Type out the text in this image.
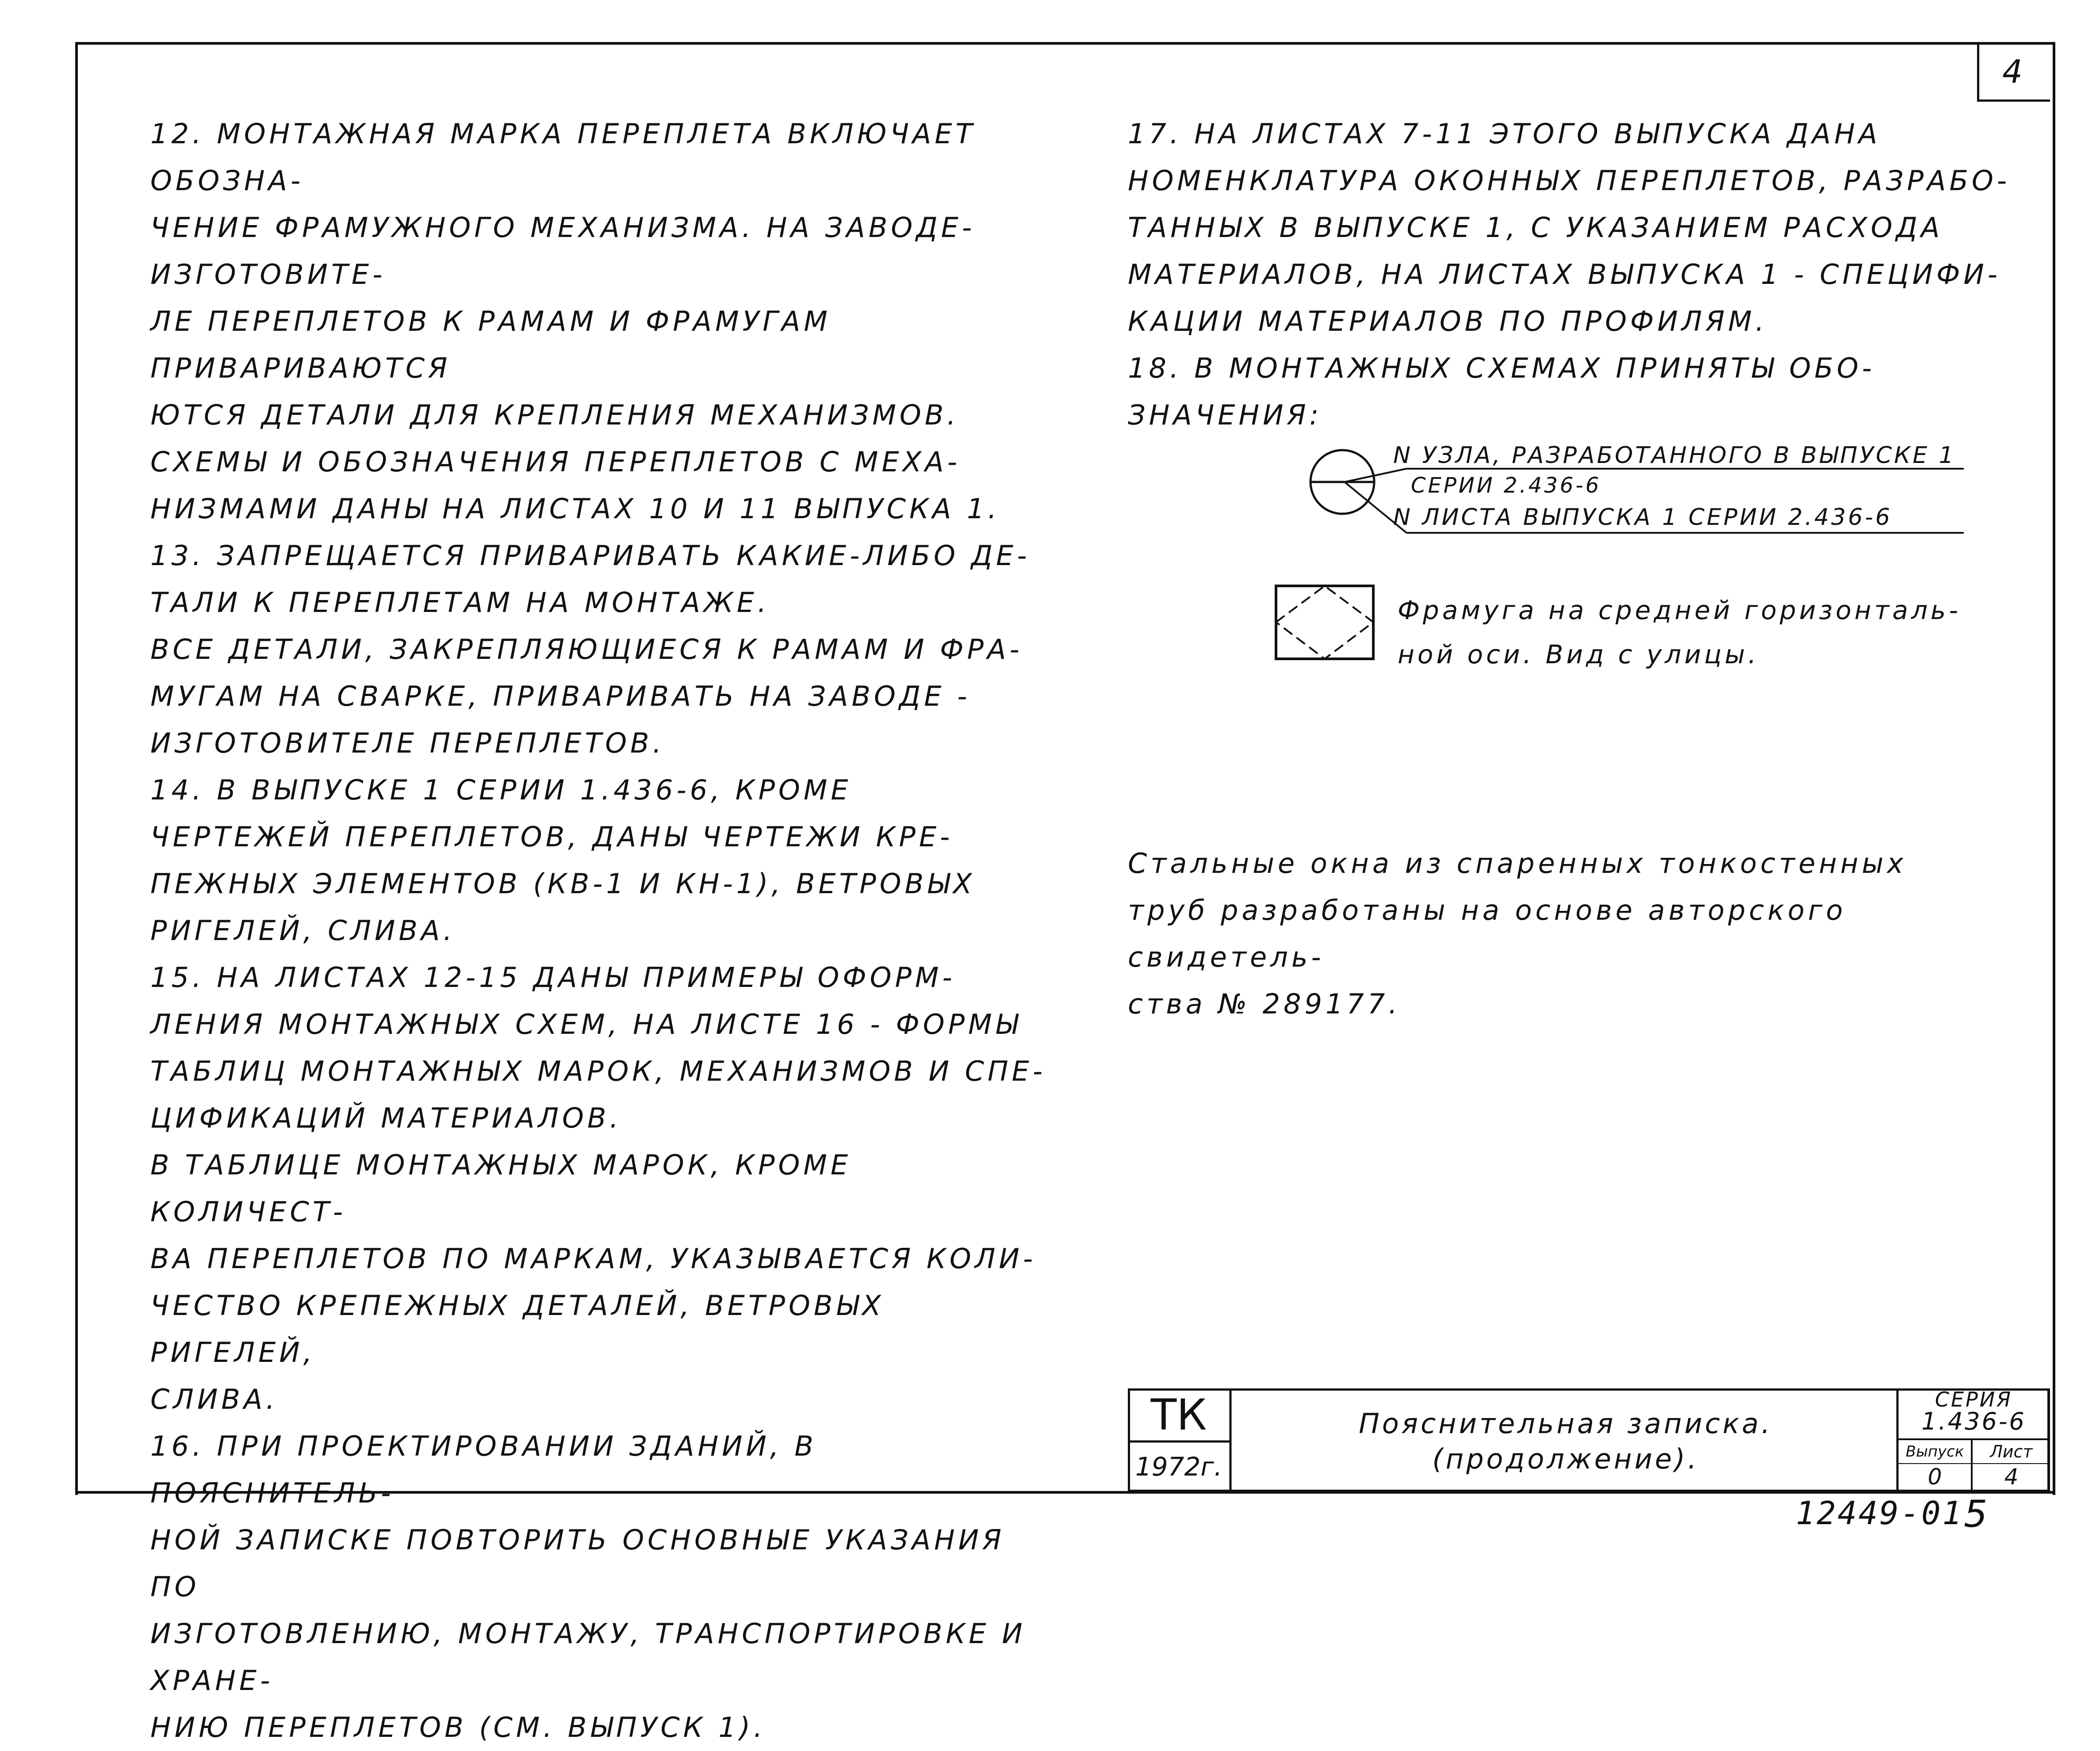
4

12. МОНТАЖНАЯ МАРКА ПЕРЕПЛЕТА ВКЛЮЧАЕТ ОБОЗНА-

ЧЕНИЕ ФРАМУЖНОГО МЕХАНИЗМА. НА ЗАВОДЕ-ИЗГОТОВИТЕ-

ЛЕ ПЕРЕПЛЕТОВ К РАМАМ И ФРАМУГАМ ПРИВАРИВАЮТСЯ

ЮТСЯ ДЕТАЛИ ДЛЯ КРЕПЛЕНИЯ МЕХАНИЗМОВ.

СХЕМЫ И ОБОЗНАЧЕНИЯ ПЕРЕПЛЕТОВ С МЕХА-

НИЗМАМИ ДАНЫ НА ЛИСТАХ 10 И 11 ВЫПУСКА 1.

13. ЗАПРЕЩАЕТСЯ ПРИВАРИВАТЬ КАКИЕ-ЛИБО ДЕ-

ТАЛИ К ПЕРЕПЛЕТАМ НА МОНТАЖЕ.

ВСЕ ДЕТАЛИ, ЗАКРЕПЛЯЮЩИЕСЯ К РАМАМ И ФРА-

МУГАМ НА СВАРКЕ, ПРИВАРИВАТЬ НА ЗАВОДЕ -

ИЗГОТОВИТЕЛЕ ПЕРЕПЛЕТОВ.

14. В ВЫПУСКЕ 1 СЕРИИ 1.436-6, КРОМЕ

ЧЕРТЕЖЕЙ ПЕРЕПЛЕТОВ, ДАНЫ ЧЕРТЕЖИ КРЕ-

ПЕЖНЫХ ЭЛЕМЕНТОВ (КВ-1 И КН-1), ВЕТРОВЫХ

РИГЕЛЕЙ, СЛИВА.

15. НА ЛИСТАХ 12-15 ДАНЫ ПРИМЕРЫ ОФОРМ-

ЛЕНИЯ МОНТАЖНЫХ СХЕМ, НА ЛИСТЕ 16 - ФОРМЫ

ТАБЛИЦ МОНТАЖНЫХ МАРОК, МЕХАНИЗМОВ И СПЕ-

ЦИФИКАЦИЙ МАТЕРИАЛОВ.

В ТАБЛИЦЕ МОНТАЖНЫХ МАРОК, КРОМЕ КОЛИЧЕСТ-

ВА ПЕРЕПЛЕТОВ ПО МАРКАМ, УКАЗЫВАЕТСЯ КОЛИ-

ЧЕСТВО КРЕПЕЖНЫХ ДЕТАЛЕЙ, ВЕТРОВЫХ РИГЕЛЕЙ,

СЛИВА.

16. ПРИ ПРОЕКТИРОВАНИИ ЗДАНИЙ, В ПОЯСНИТЕЛЬ-

НОЙ ЗАПИСКЕ ПОВТОРИТЬ ОСНОВНЫЕ УКАЗАНИЯ ПО

ИЗГОТОВЛЕНИЮ, МОНТАЖУ, ТРАНСПОРТИРОВКЕ И ХРАНЕ-

НИЮ ПЕРЕПЛЕТОВ (СМ. ВЫПУСК 1).

17. НА ЛИСТАХ 7-11 ЭТОГО ВЫПУСКА ДАНА

НОМЕНКЛАТУРА ОКОННЫХ ПЕРЕПЛЕТОВ, РАЗРАБО-

ТАННЫХ В ВЫПУСКЕ 1, С УКАЗАНИЕМ РАСХОДА

МАТЕРИАЛОВ, НА ЛИСТАХ ВЫПУСКА 1 - СПЕЦИФИ-

КАЦИИ МАТЕРИАЛОВ ПО ПРОФИЛЯМ.

18. В МОНТАЖНЫХ СХЕМАХ ПРИНЯТЫ ОБО-

ЗНАЧЕНИЯ:

N УЗЛА, РАЗРАБОТАННОГО В ВЫПУСКЕ 1
СЕРИИ 2.436-6
N ЛИСТА ВЫПУСКА 1 СЕРИИ 2.436-6
Фрамуга на средней горизонталь-ной оси. Вид с улицы.

Стальные окна из спаренных тонкостенных

труб разработаны на основе авторского свидетель-

ства № 289177.

ТК
1972г.
Пояснительная записка.
(продолжение).
СЕРИЯ
1.436-6
Выпуск	Лист
0	4
12449-01 5
